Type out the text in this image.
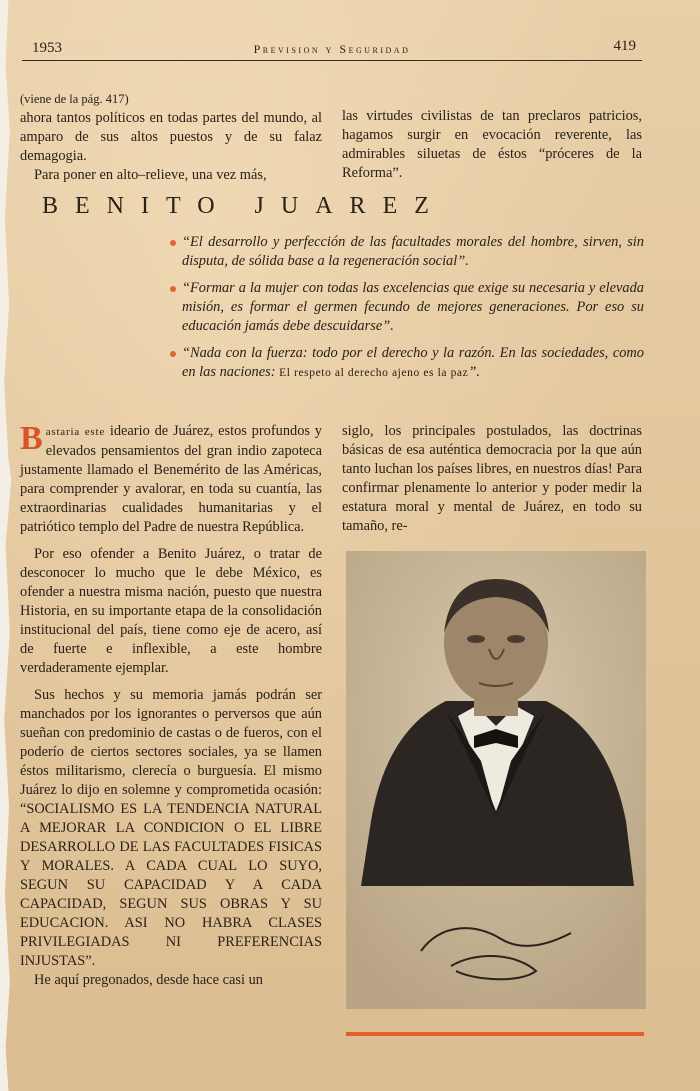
1953	Prevision y Seguridad	419

(viene de la pág. 417)

ahora tantos políticos en todas partes del mundo, al amparo de sus altos puestos y de su falaz demagogia.

Para poner en alto–relieve, una vez más,

las virtudes civilistas de tan preclaros patricios, hagamos surgir en evocación reverente, las admirables siluetas de éstos “próceres de la Reforma”.

BENITO JUAREZ
“El desarrollo y perfección de las facultades morales del hombre, sirven, sin disputa, de sólida base a la regeneración social”.
“Formar a la mujer con todas las excelencias que exige su necesaria y elevada misión, es formar el germen fecundo de mejores generaciones. Por eso su educación jamás debe descuidarse”.
“Nada con la fuerza: todo por el derecho y la razón. En las sociedades, como en las naciones: El respeto al derecho ajeno es la paz”.

Bastaria este ideario de Juárez, estos profundos y elevados pensamientos del gran indio zapoteca justamente llamado el Benemérito de las Américas, para comprender y avalorar, en toda su cuantía, las extraordinarias cualidades humanitarias y el patriótico templo del Padre de nuestra República.

Por eso ofender a Benito Juárez, o tratar de desconocer lo mucho que le debe México, es ofender a nuestra misma nación, puesto que nuestra Historia, en su importante etapa de la consolidación institucional del país, tiene como eje de acero, así de fuerte e inflexible, a este hombre verdaderamente ejemplar.

Sus hechos y su memoria jamás podrán ser manchados por los ignorantes o perversos que aún sueñan con predominio de castas o de fueros, con el poderío de ciertos sectores sociales, ya se llamen éstos militarismo, clerecía o burguesía. El mismo Juárez lo dijo en solemne y comprometida ocasión: “SOCIALISMO ES LA TENDENCIA NATURAL A MEJORAR LA CONDICION O EL LIBRE DESARROLLO DE LAS FACULTADES FISICAS Y MORALES. A CADA CUAL LO SUYO, SEGUN SU CAPACIDAD Y A CADA CAPACIDAD, SEGUN SUS OBRAS Y SU EDUCACION. ASI NO HABRA CLASES PRIVILEGIADAS NI PREFERENCIAS INJUSTAS”.

He aquí pregonados, desde hace casi un

siglo, los principales postulados, las doctrinas básicas de esa auténtica democracia por la que aún tanto luchan los países libres, en nuestros días! Para confirmar plenamente lo anterior y poder medir la estatura moral y mental de Juárez, en todo su tamaño, re-
